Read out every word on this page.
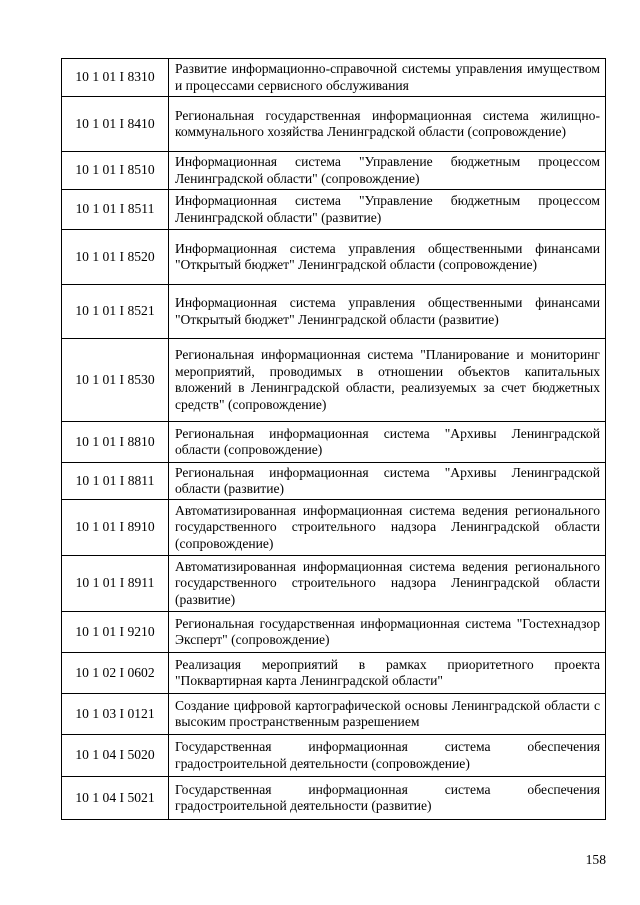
10 1 01 I 8310	Развитие информационно-справочной системы управления имуществом и процессами сервисного обслуживания
10 1 01 I 8410	Региональная государственная информационная система жилищно-коммунального хозяйства Ленинградской области (сопровождение)
10 1 01 I 8510	Информационная система "Управление бюджетным процессом Ленинградской области" (сопровождение)
10 1 01 I 8511	Информационная система "Управление бюджетным процессом Ленинградской области" (развитие)
10 1 01 I 8520	Информационная система управления общественными финансами "Открытый бюджет" Ленинградской области (сопровождение)
10 1 01 I 8521	Информационная система управления общественными финансами "Открытый бюджет" Ленинградской области (развитие)
10 1 01 I 8530	Региональная информационная система "Планирование и мониторинг мероприятий, проводимых в отношении объектов капитальных вложений в Ленинградской области, реализуемых за счет бюджетных средств" (сопровождение)
10 1 01 I 8810	Региональная информационная система "Архивы Ленинградской области (сопровождение)
10 1 01 I 8811	Региональная информационная система "Архивы Ленинградской области (развитие)
10 1 01 I 8910	Автоматизированная информационная система ведения регионального государственного строительного надзора Ленинградской области (сопровождение)
10 1 01 I 8911	Автоматизированная информационная система ведения регионального государственного строительного надзора Ленинградской области (развитие)
10 1 01 I 9210	Региональная государственная информационная система "Гостехнадзор Эксперт" (сопровождение)
10 1 02 I 0602	Реализация мероприятий в рамках приоритетного проекта "Поквартирная карта Ленинградской области"
10 1 03 I 0121	Создание цифровой картографической основы Ленинградской области с высоким пространственным разрешением
10 1 04 I 5020	Государственная информационная система обеспечения градостроительной деятельности (сопровождение)
10 1 04 I 5021	Государственная информационная система обеспечения градостроительной деятельности (развитие)
158
